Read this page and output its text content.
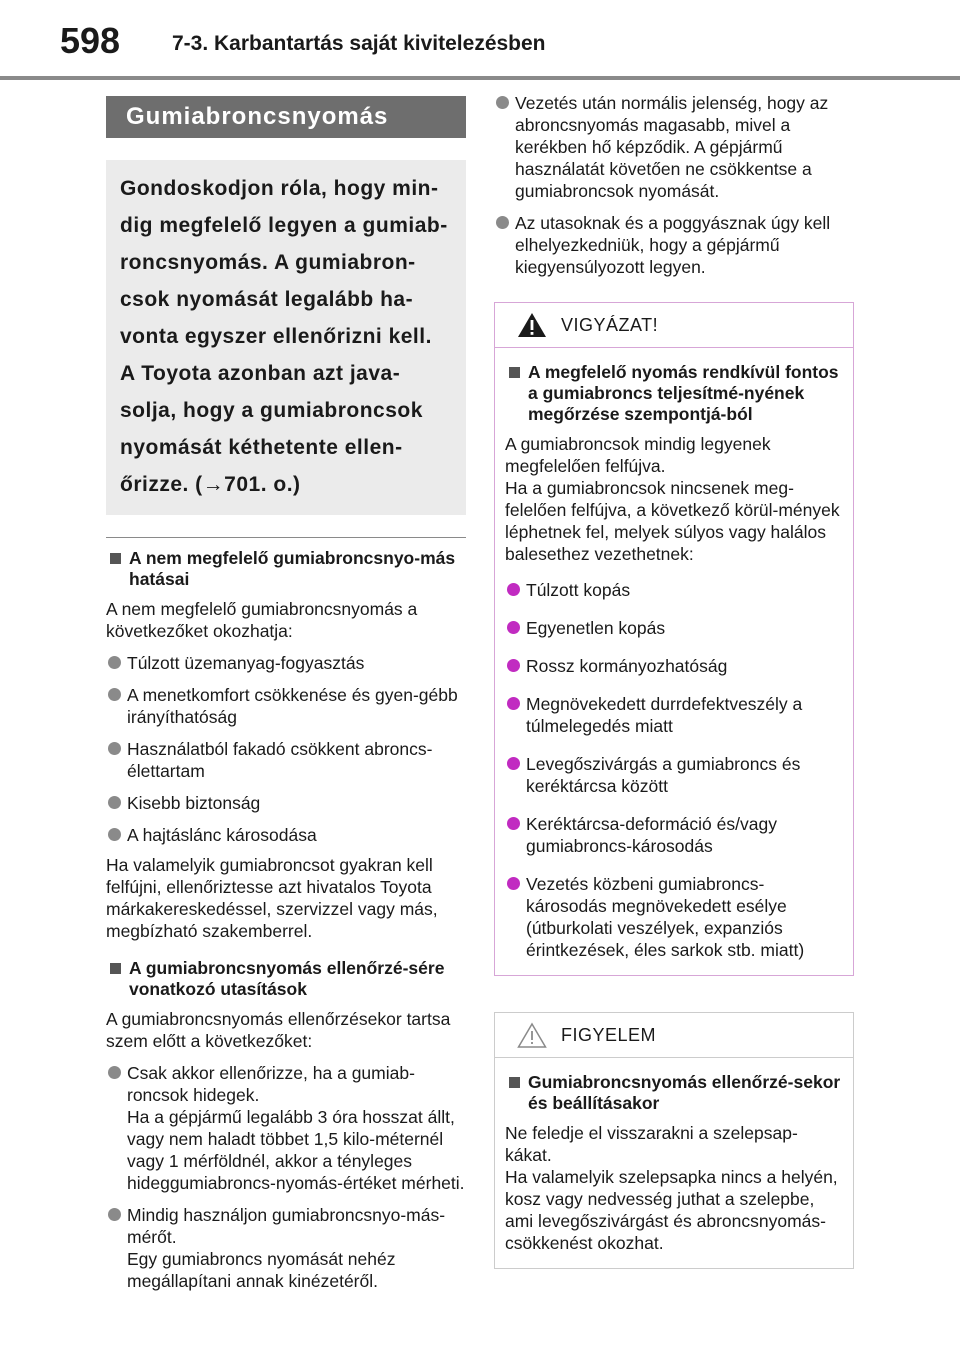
598 7-3. Karbantartás saját kivitelezésben
Gumiabroncsnyomás
Gondoskodjon róla, hogy min-dig megfelelő legyen a gumiab-roncsnyomás. A gumiabron-csok nyomását legalább ha-vonta egyszer ellenőrizni kell. A Toyota azonban azt java-solja, hogy a gumiabroncsok nyomását kéthetente ellen-őrizze. (→701. o.)
A nem megfelelő gumiabroncsnyo-más hatásai
A nem megfelelő gumiabroncsnyomás a következőket okozhatja:
Túlzott üzemanyag-fogyasztás
A menetkomfort csökkenése és gyen-gébb irányíthatóság
Használatból fakadó csökkent abroncs-élettartam
Kisebb biztonság
A hajtáslánc károsodása
Ha valamelyik gumiabroncsot gyakran kell felfújni, ellenőriztesse azt hivatalos Toyota márkakereskedéssel, szervizzel vagy más, megbízható szakemberrel.
A gumiabroncsnyomás ellenőrzé-sére vonatkozó utasítások
A gumiabroncsnyomás ellenőrzésekor tartsa szem előtt a következőket:
Csak akkor ellenőrizze, ha a gumiab-roncsok hidegek.
Ha a gépjármű legalább 3 óra hosszat állt, vagy nem haladt többet 1,5 kilo-méternél vagy 1 mérföldnél, akkor a tényleges hideggumiabroncs-nyomás-értéket mérheti.
Mindig használjon gumiabroncsnyo-más-mérőt.
Egy gumiabroncs nyomását nehéz megállapítani annak kinézetéről.
Vezetés után normális jelenség, hogy az abroncsnyomás magasabb, mivel a kerékben hő képződik. A gépjármű használatát követően ne csökkentse a gumiabroncsok nyomását.
Az utasoknak és a poggyásznak úgy kell elhelyezkedniük, hogy a gépjármű kiegyensúlyozott legyen.
VIGYÁZAT!
A megfelelő nyomás rendkívül fontos a gumiabroncs teljesítmé-nyének megőrzése szempontjá-ból
A gumiabroncsok mindig legyenek megfelelően felfújva.
Ha a gumiabroncsok nincsenek meg-felelően felfújva, a következő körül-mények léphetnek fel, melyek súlyos vagy halálos balesethez vezethetnek:
Túlzott kopás
Egyenetlen kopás
Rossz kormányozhatóság
Megnövekedett durrdefektveszély a túlmelegedés miatt
Levegőszivárgás a gumiabroncs és keréktárcsa között
Keréktárcsa-deformáció és/vagy gumiabroncs-károsodás
Vezetés közbeni gumiabroncs-károsodás megnövekedett esélye (útburkolati veszélyek, expanziós érintkezések, éles sarkok stb. miatt)
FIGYELEM
Gumiabroncsnyomás ellenőrzé-sekor és beállításakor
Ne feledje el visszarakni a szelepsap-kákat.
Ha valamelyik szelepsapka nincs a helyén, kosz vagy nedvesség juthat a szelepbe, ami levegőszivárgást és abroncsnyomás-csökkenést okozhat.
